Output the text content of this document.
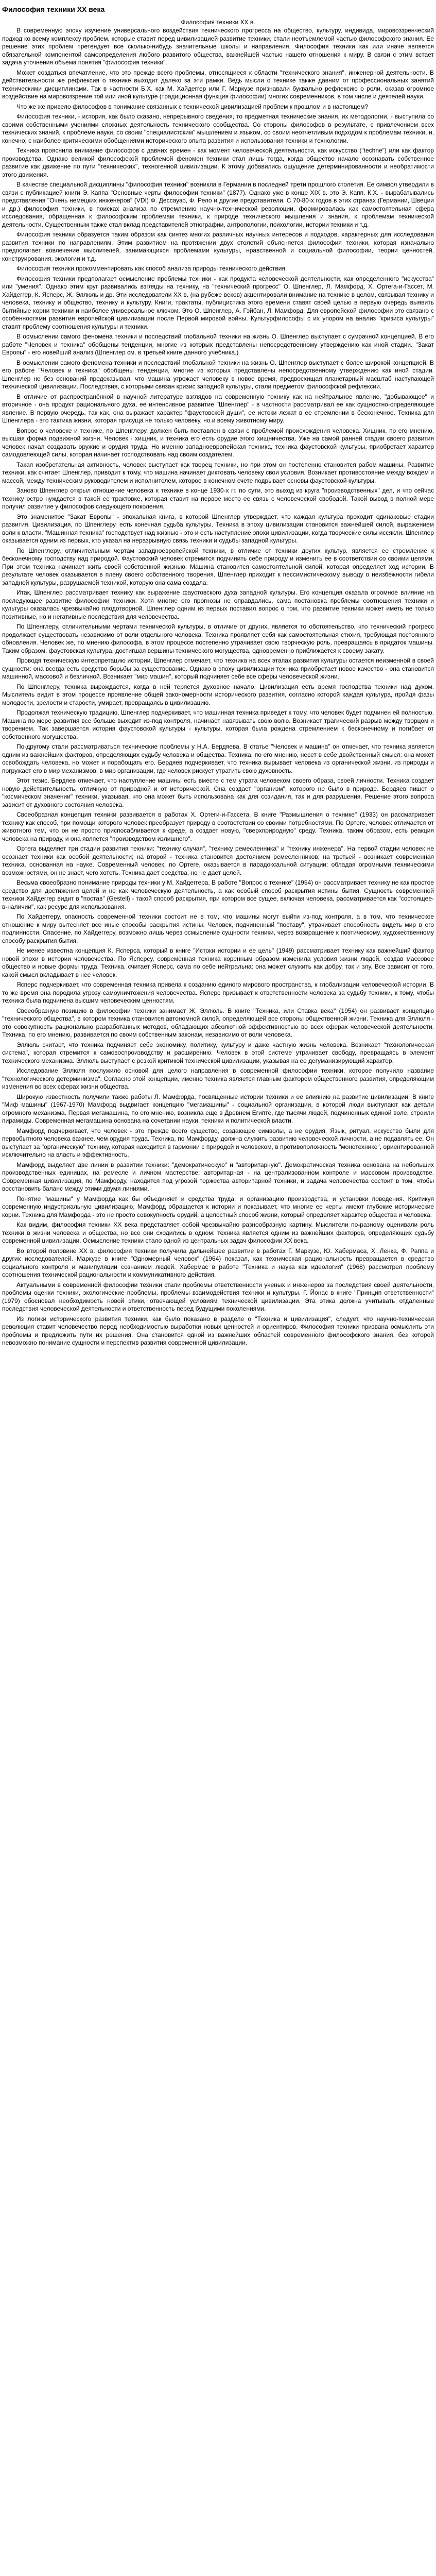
Философия техники XX века
Философия техники XX в.

В современную эпоху изучение универсального воздействия технического прогресса на общество, культуру, индивида, мировоззренческий подход ко всему комплексу проблем, которые ставит перед цивилизацией развитие техники, стали неотъемлемой частью философского знания. Ее решение этих проблем претендует все сколько-нибудь значительные школы и направления. Философия техники как или иначе является обязательной компонентой самоопределения любого развитого общества, важнейшей частью нашего отношения к миру. В связи с этим встает задача уточнения объема понятия "философия техники".

Может создаться впечатление, что это прежде всего проблемы, относящиеся к области "технического знания", инженерной деятельности. В действительности же рефлексия о технике выходит далеко за эти рамки. Ведь мысли о технике также давним от профессиональных занятий техническими дисциплинами. Так в частности Б.Х. как М. Хайдеггер или Г. Маркузе признавали буквально рефлексию о роли, оказав огромное воздействие на мировоззрение той или иной культуре (традиционная функция философии) многих современников, в том числе и деятелей науки.

Что же же привело философов в понимание связанных с технической цивилизацией проблем к прошлом и в настоящем?

Философия техники, - история, как было сказано, непрерывного сведения, то предметная технические знания, их методологии, - выступила со своими собственными учениями сложных деятельность технического сообщества. Со стороны философов в результате, с привлечением всех технических знаний, к проблеме науки, со своим "специалистским" мышлением и языком, со своим неотчетливым подходом к проблемам техники, и, конечно, с наиболее критическими обобщениями исторического опыта развития и использования техники и технологии.

Техника прояснила внимание философов с давних времен - как момент человеческой деятельности, как искусство ("techne") или как фактор производства. Однако великой философской проблемой феномен техники стал лишь тогда, когда общество начало осознавать собственное развитие как движение по пути "технических", техногенной цивилизации. К этому добавились ощущение детерминированности и необратимости этого движения.

В качестве специальной дисциплины "философия техники" возникла в Германии в последней трети прошлого столетия. Ее символ утвердили в связи с публикацией книги Э. Каппа "Основные черты философии техники" (1877). Однако уже в конце XIX в. это Э. Капп, К.Х. - вырабатывались представления "Очень немецких инженеров" (VDI) Ф. Дессауэр, Ф. Рело и другие представители. С 70-80-х годов в этих странах (Германии, Швеции и др.) философия техники, в поисках анализа по стремлению научно-технической революции, формировалась как самостоятельная сфера исследования, обращенная к философским проблемам техники, к природе технического мышления и знания, к проблемам технической деятельности. Существенным также стал вклад представителей этнографии, антропологии, психологии, истории техники и т.д.

Философия техники образуется таким образом как синтез многих различных научных интересов и подходов, характерных для исследования развития техники по направлениям. Этим развитием на протяжении двух столетий объясняется философия техники, которая изначально предполагает вовлечение мыслителей, занимающихся проблемами культуры, нравственной и социальной философии, теории ценностей, конструирования, экологии и т.д.

Философия техники прокомментировать как способ анализа природы технического действия.

Философия техники предполагает осмысление проблемы техники - как продукта человеческой деятельности, как определенного "искусства" или "умения". Однако этим круг развивались взгляды на технику, на "технический прогресс" О. Шпенглер, Л. Мамфорд, Х. Ортега-и-Гассет, М. Хайдеггер, К. Ясперс, Ж. Эллюль и др. Эти исследователи XX в. (на рубеже веков) акцентировали внимание на технике в целом, связывая технику и человека, технику и общество, технику и культуру. Книги, трактаты, публицистика этого времени ставят своей целью в первую очередь выявить бытийные корни техники и наиболее универсальное ключом. Это О. Шпенглер, А. Гэйбан, Л. Мамфорд. Для европейской философии это связано с особенностями развития европейской цивилизации после Первой мировой войны. Культурфилософы с их упором на анализ "кризиса культуры" ставят проблему соотношения культуры и техники.

В осмыслении самого феномена техники и последствий глобальной техники на жизнь О. Шпенглер выступает с сумрачной концепцией. В его работе "Человек и техника" обобщены тенденции, многие из которых представлены непосредственному утверждению как иной стадии. "Закат Европы" - его новейший анализ (Шпенглер см. в третьей книге данного учебника.)

В осмыслении самого феномена техники и последствий глобальной техники на жизнь О. Шпенглер выступает с более широкой концепцией. В его работе "Человек и техника" обобщены тенденции, многие из которых представлены непосредственному утверждению как иной стадии. Шпенглер не без оснований предсказывал, что машина угрожает человеку в новое время, предвосхищая планетарный масштаб наступающей технической цивилизации. Последствия, с которыми связан кризис западной культуры, стали предметом философской рефлексии.

В отличие от распространённой в научной литературе взглядов на современную технику как на нейтральное явление, "добывающее" и вторичное - она продукт рационального духа, ее интенсивное развитие "Шпенглер" - в частности рассматривал ее как сущностно-определяющее явление. В первую очередь, так как, она выражает характер "фаустовской души", ее истоки лежат в ее стремлении в бесконечное. Техника для Шпенглера - это тактика жизни, которая присуща не только человеку, но и всему животному миру.

Вопрос о человеке и технике, по Шпенглеру, должен быть поставлен в связи с проблемой происхождения человека. Хищник, по его мнению, высшая форма подвижной жизни. Человек - хищник, и техника его есть орудие этого хищничества. Уже на самой ранней стадии своего развития человек начал создавать оружие и орудия труда. Но именно западноевропейская техника, техника фаустовской культуры, приобретает характер самодовлеющей силы, которая начинает господствовать над своим создателем.

Такая изобретательная активность, человек выступает как творец техники, но при этом он постепенно становится рабом машины. Развитие техники, как считает Шпенглер, приводит к тому, что машина начинает диктовать человеку свои условия. Возникает противостояние между вождем и массой, между техническим руководителем и исполнителем, которое в конечном счете подрывает основы фаустовской культуры.

Заново Шпенглер открыл отношение человека к технике в конце 1930-х гг. по сути, это выход из круга "производственных" дел, и что сейчас технику остро нуждается в такой ее трактовке, которая ставит на первое место ее связь с человеческой свободой. Такой вывод в полной мере получил развитие у философов следующего поколения.

Это знаменитое "Закат Европы" - эпохальная книга, в которой Шпенглер утверждает, что каждая культура проходит одинаковые стадии развития. Цивилизация, по Шпенглеру, есть конечная судьба культуры. Техника в эпоху цивилизации становится важнейшей силой, выражением воли к власти. "Машинная техника" господствует над жизнью - это и есть наступление эпохи цивилизации, когда творческие силы иссякли. Шпенглер оказывается одним из первых, кто указал на неразрывную связь техники и судьбы западной культуры.

По Шпенглеру, отличительным чертам западноевропейской техники, в отличие от техники других культур, является ее стремление к бесконечному господству над природой. Фаустовский человек стремится подчинить себе природу и изменить ее в соответствии со своими целями. При этом техника начинает жить своей собственной жизнью. Машина становится самостоятельной силой, которая определяет ход истории. В результате человек оказывается в плену своего собственного творения. Шпенглер приходит к пессимистическому выводу о неизбежности гибели западной культуры, разрушаемой техникой, которую она сама создала.

Итак, Шпенглер рассматривает технику как выражение фаустовского духа западной культуры. Его концепция оказала огромное влияние на последующее развитие философии техники. Хотя многие его прогнозы не оправдались, сама постановка проблемы соотношения техники и культуры оказалась чрезвычайно плодотворной. Шпенглер одним из первых поставил вопрос о том, что развитие техники может иметь не только позитивные, но и негативные последствия для человечества.

По Шпенглеру, отличительными чертами технической культуры, в отличие от других, является то обстоятельство, что технический прогресс продолжает существовать независимо от воли отдельного человека. Техника проявляет себя как самостоятельная стихия, требующая постоянного обновления. Человек же, по мнению философа, в этом процессе постепенно утрачивает свою творческую роль, превращаясь в придаток машины. Таким образом, фаустовская культура, достигшая вершины технического могущества, одновременно приближается к своему закату.

Проводя техническую интерпретацию истории, Шпенглер отмечает, что техника на всех этапах развития культуры остается неизменной в своей сущности: она всегда есть средство борьбы за существование. Однако в эпоху цивилизации техника приобретает новое качество - она становится машинной, массовой и безличной. Возникает "мир машин", который подчиняет себе все сферы человеческой жизни.

По Шпенглеру, техника вырождается, когда в ней теряется духовное начало. Цивилизация есть время господства техники над духом. Мыслитель видит в этом процессе проявление общей закономерности исторического развития, согласно которой каждая культура, пройдя фазы молодости, зрелости и старости, умирает, превращаясь в цивилизацию.

Продолжая техническую традицию, Шпенглер подчеркивает, что машинная техника приведет к тому, что человек будет подчинен ей полностью. Машина по мере развития все больше выходит из-под контроля, начинает навязывать свою волю. Возникает трагический разрыв между творцом и творением. Так завершается история фаустовской культуры - культуры, которая была рождена стремлением к бесконечному и погибает от собственного могущества.

По-другому стали рассматриваться технические проблемы у Н.А. Бердяева. В статье "Человек и машина" он отмечает, что техника является одним из важнейших факторов, определяющих судьбу человека и общества. Техника, по его мнению, несет в себе двойственный смысл: она может освобождать человека, но может и порабощать его. Бердяев подчеркивает, что техника вырывает человека из органической жизни, из природы и погружает его в мир механизмов, в мир организации, где человек рискует утратить свою духовность.

Этот тезис, Бердяев отмечает, что наступление машины есть вместе с тем утрата человеком своего образа, своей личности. Техника создает новую действительность, отличную от природной и от исторической. Она создает "организм", которого не было в природе. Бердяев пишет о "космическом значении" техники, указывая, что она может быть использована как для созидания, так и для разрушения. Решение этого вопроса зависит от духовного состояния человека.

Своеобразная концепция техники развивается в работах Х. Ортеги-и-Гассета. В книге "Размышления о технике" (1933) он рассматривает технику как способ, при помощи которого человек преобразует природу в соответствии со своими потребностями. По Ортеге, человек отличается от животного тем, что он не просто приспосабливается к среде, а создает новую, "сверхприродную" среду. Техника, таким образом, есть реакция человека на природу, и она является "производством излишнего".

Ортега выделяет три стадии развития техники: "технику случая", "технику ремесленника" и "технику инженера". На первой стадии человек не осознает техники как особой деятельности; на второй - техника становится достоянием ремесленников; на третьей - возникает современная техника, основанная на науке. Современный человек, по Ортеге, оказывается в парадоксальной ситуации: обладая огромными техническими возможностями, он не знает, чего хотеть. Техника дает средства, но не дает целей.

Весьма своеобразно понимание природы техники у М. Хайдеггера. В работе "Вопрос о технике" (1954) он рассматривает технику не как простое средство для достижения целей и не как человеческую деятельность, а как особый способ раскрытия истины бытия. Сущность современной техники Хайдеггер видит в "постав" (Gestell) - такой способ раскрытия, при котором все сущее, включая человека, рассматривается как "состоящее-в-наличии", как ресурс для использования.

По Хайдеггеру, опасность современной техники состоит не в том, что машины могут выйти из-под контроля, а в том, что техническое отношение к миру вытесняет все иные способы раскрытия истины. Человек, подчиненный "поставу", утрачивает способность видеть мир в его подлинности. Спасение, по Хайдеггеру, возможно лишь через осмысление сущности техники, через возвращение к поэтическому, художественному способу раскрытия бытия.

Не менее известна концепция К. Ясперса, который в книге "Истоки истории и ее цель" (1949) рассматривает технику как важнейший фактор новой эпохи в истории человечества. По Ясперсу, современная техника коренным образом изменила условия жизни людей, создав массовое общество и новые формы труда. Техника, считает Ясперс, сама по себе нейтральна: она может служить как добру, так и злу. Все зависит от того, какой смысл вкладывает в нее человек.

Ясперс подчеркивает, что современная техника привела к созданию единого мирового пространства, к глобализации человеческой истории. В то же время она породила угрозу самоуничтожения человечества. Ясперс призывает к ответственности человека за судьбу техники, к тому, чтобы техника была подчинена высшим человеческим ценностям.

Своеобразную позицию в философии техники занимает Ж. Эллюль. В книге "Техника, или Ставка века" (1954) он развивает концепцию "технического общества", в котором техника становится автономной силой, определяющей все стороны общественной жизни. Техника для Эллюля - это совокупность рационально разработанных методов, обладающих абсолютной эффективностью во всех сферах человеческой деятельности. Техника, по его мнению, развивается по своим собственным законам, независимо от воли человека.

Эллюль считает, что техника подчиняет себе экономику, политику, культуру и даже частную жизнь человека. Возникает "технологическая система", которая стремится к самовоспроизводству и расширению. Человек в этой системе утрачивает свободу, превращаясь в элемент технического механизма. Эллюль выступает с резкой критикой технической цивилизации, указывая на ее дегуманизирующий характер.

Исследование Эллюля послужило основой для целого направления в современной философии техники, которое получило название "технологического детерминизма". Согласно этой концепции, именно техника является главным фактором общественного развития, определяющим изменения во всех сферах жизни общества.

Широкую известность получили также работы Л. Мамфорда, посвященные истории техники и ее влиянию на развитие цивилизации. В книге "Миф машины" (1967-1970) Мамфорд выдвигает концепцию "мегамашины" - социальной организации, в которой люди выступают как детали огромного механизма. Первая мегамашина, по его мнению, возникла еще в Древнем Египте, где тысячи людей, подчиненных единой воле, строили пирамиды. Современная мегамашина основана на сочетании науки, техники и политической власти.

Мамфорд подчеркивает, что человек - это прежде всего существо, создающее символы, а не орудия. Язык, ритуал, искусство были для первобытного человека важнее, чем орудия труда. Техника, по Мамфорду, должна служить развитию человеческой личности, а не подавлять ее. Он выступает за "органическую" технику, которая находится в гармонии с природой и человеком, в противоположность "монотехнике", ориентированной исключительно на власть и эффективность.

Мамфорд выделяет две линии в развитии техники: "демократическую" и "авторитарную". Демократическая техника основана на небольших производственных единицах, на ремесле и личном мастерстве; авторитарная - на централизованном контроле и массовом производстве. Современная цивилизация, по Мамфорду, находится под угрозой торжества авторитарной техники, и задача человечества состоит в том, чтобы восстановить баланс между этими двумя линиями.

Понятие "машины" у Мамфорда как бы объединяет и средства труда, и организацию производства, и установки поведения. Критикуя современную индустриальную цивилизацию, Мамфорд обращается к истории и показывает, что многие ее черты имеют глубокие исторические корни. Техника для Мамфорда - это не просто совокупность орудий, а целостный способ жизни, который определяет характер общества и человека.

Как видим, философия техники XX века представляет собой чрезвычайно разнообразную картину. Мыслители по-разному оценивали роль техники в жизни человека и общества, но все они сходились в одном: техника является одним из важнейших факторов, определяющих судьбу современной цивилизации. Осмысление техники стало одной из центральных задач философии XX века.

Во второй половине XX в. философия техники получила дальнейшее развитие в работах Г. Маркузе, Ю. Хабермаса, Х. Ленка, Ф. Раппа и других исследователей. Маркузе в книге "Одномерный человек" (1964) показал, как техническая рациональность превращается в средство социального контроля и манипуляции сознанием людей. Хабермас в работе "Техника и наука как идеология" (1968) рассмотрел проблему соотношения технической рациональности и коммуникативного действия.

Актуальными в современной философии техники стали проблемы ответственности ученых и инженеров за последствия своей деятельности, проблемы оценки техники, экологические проблемы, проблемы взаимодействия техники и культуры. Г. Йонас в книге "Принцип ответственности" (1979) обосновал необходимость новой этики, отвечающей условиям технической цивилизации. Эта этика должна учитывать отдаленные последствия человеческой деятельности и ответственность перед будущими поколениями.

Из логики исторического развития техники, как было показано в разделе о "Техника и цивилизация", следует, что научно-техническая революция ставит человечество перед необходимостью выработки новых ценностей и ориентиров. Философия техники призвана осмыслить эти проблемы и предложить пути их решения. Она становится одной из важнейших областей современного философского знания, без которой невозможно понимание сущности и перспектив развития современной цивилизации.
